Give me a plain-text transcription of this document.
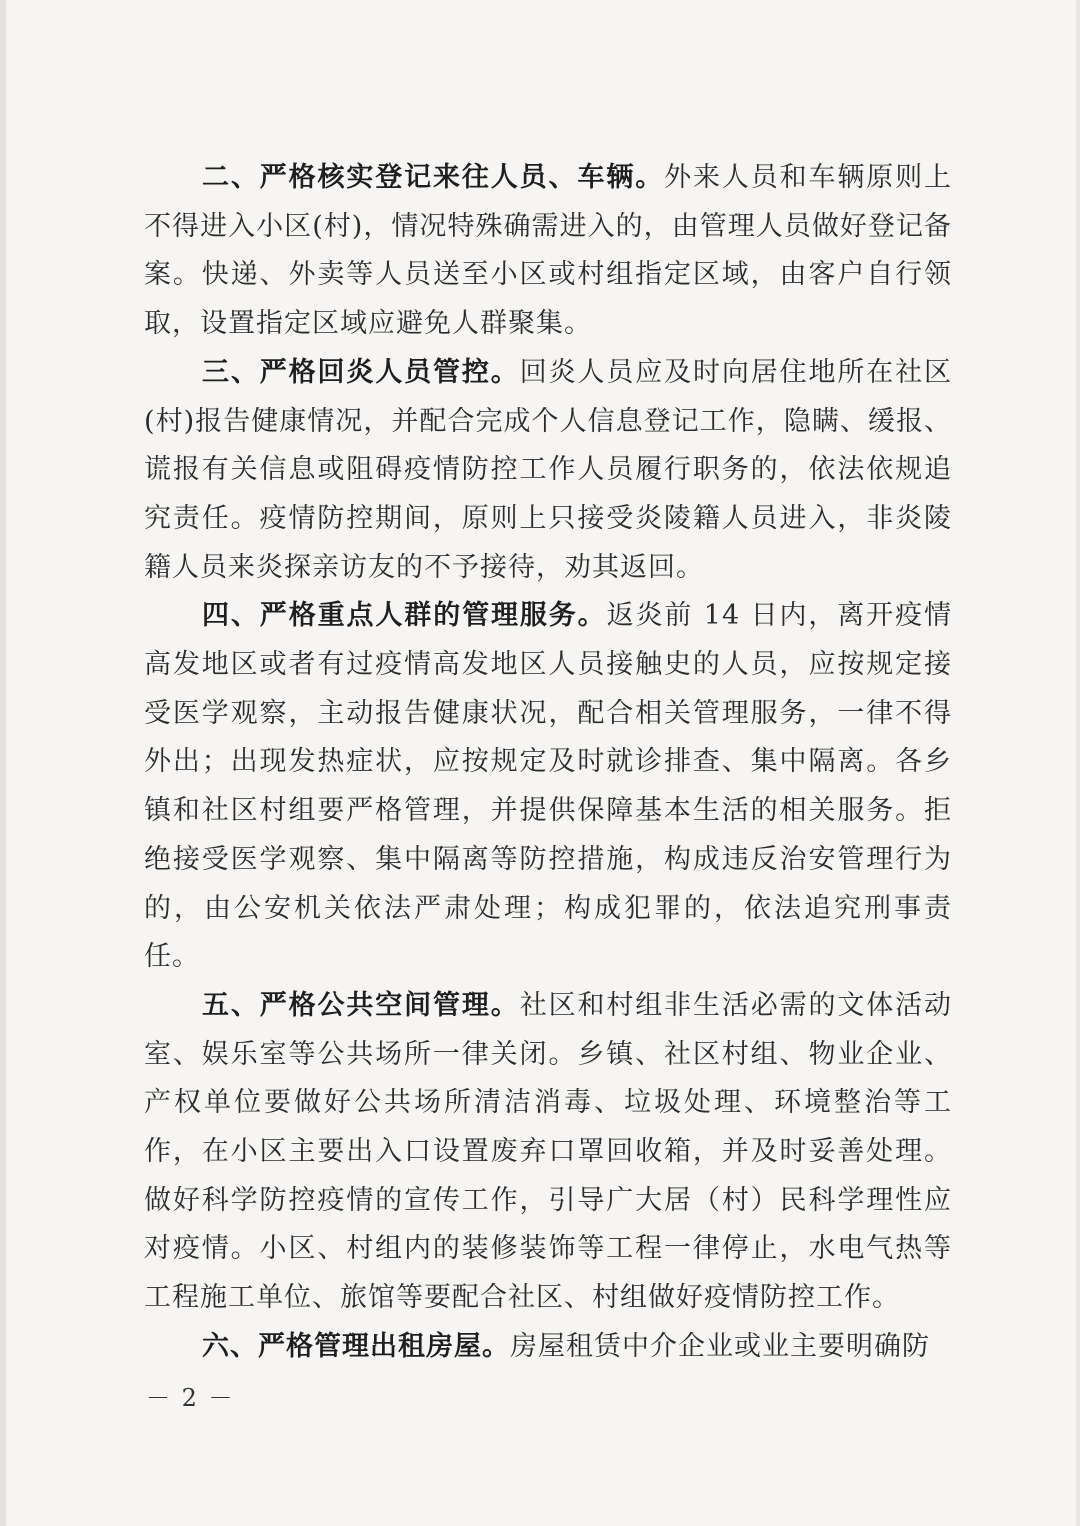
二、严格核实登记来往人员、车辆。外来人员和车辆原则上不得进入小区(村)，情况特殊确需进入的，由管理人员做好登记备案。快递、外卖等人员送至小区或村组指定区域，由客户自行领取，设置指定区域应避免人群聚集。

三、严格回炎人员管控。回炎人员应及时向居住地所在社区(村)报告健康情况，并配合完成个人信息登记工作，隐瞒、缓报、谎报有关信息或阻碍疫情防控工作人员履行职务的，依法依规追究责任。疫情防控期间，原则上只接受炎陵籍人员进入，非炎陵籍人员来炎探亲访友的不予接待，劝其返回。

四、严格重点人群的管理服务。返炎前 14 日内，离开疫情高发地区或者有过疫情高发地区人员接触史的人员，应按规定接受医学观察，主动报告健康状况，配合相关管理服务，一律不得外出；出现发热症状，应按规定及时就诊排查、集中隔离。各乡镇和社区村组要严格管理，并提供保障基本生活的相关服务。拒绝接受医学观察、集中隔离等防控措施，构成违反治安管理行为的，由公安机关依法严肃处理；构成犯罪的，依法追究刑事责任。

五、严格公共空间管理。社区和村组非生活必需的文体活动室、娱乐室等公共场所一律关闭。乡镇、社区村组、物业企业、产权单位要做好公共场所清洁消毒、垃圾处理、环境整治等工作，在小区主要出入口设置废弃口罩回收箱，并及时妥善处理。做好科学防控疫情的宣传工作，引导广大居（村）民科学理性应对疫情。小区、村组内的装修装饰等工程一律停止，水电气热等工程施工单位、旅馆等要配合社区、村组做好疫情防控工作。

六、严格管理出租房屋。房屋租赁中介企业或业主要明确防

－ 2 －
